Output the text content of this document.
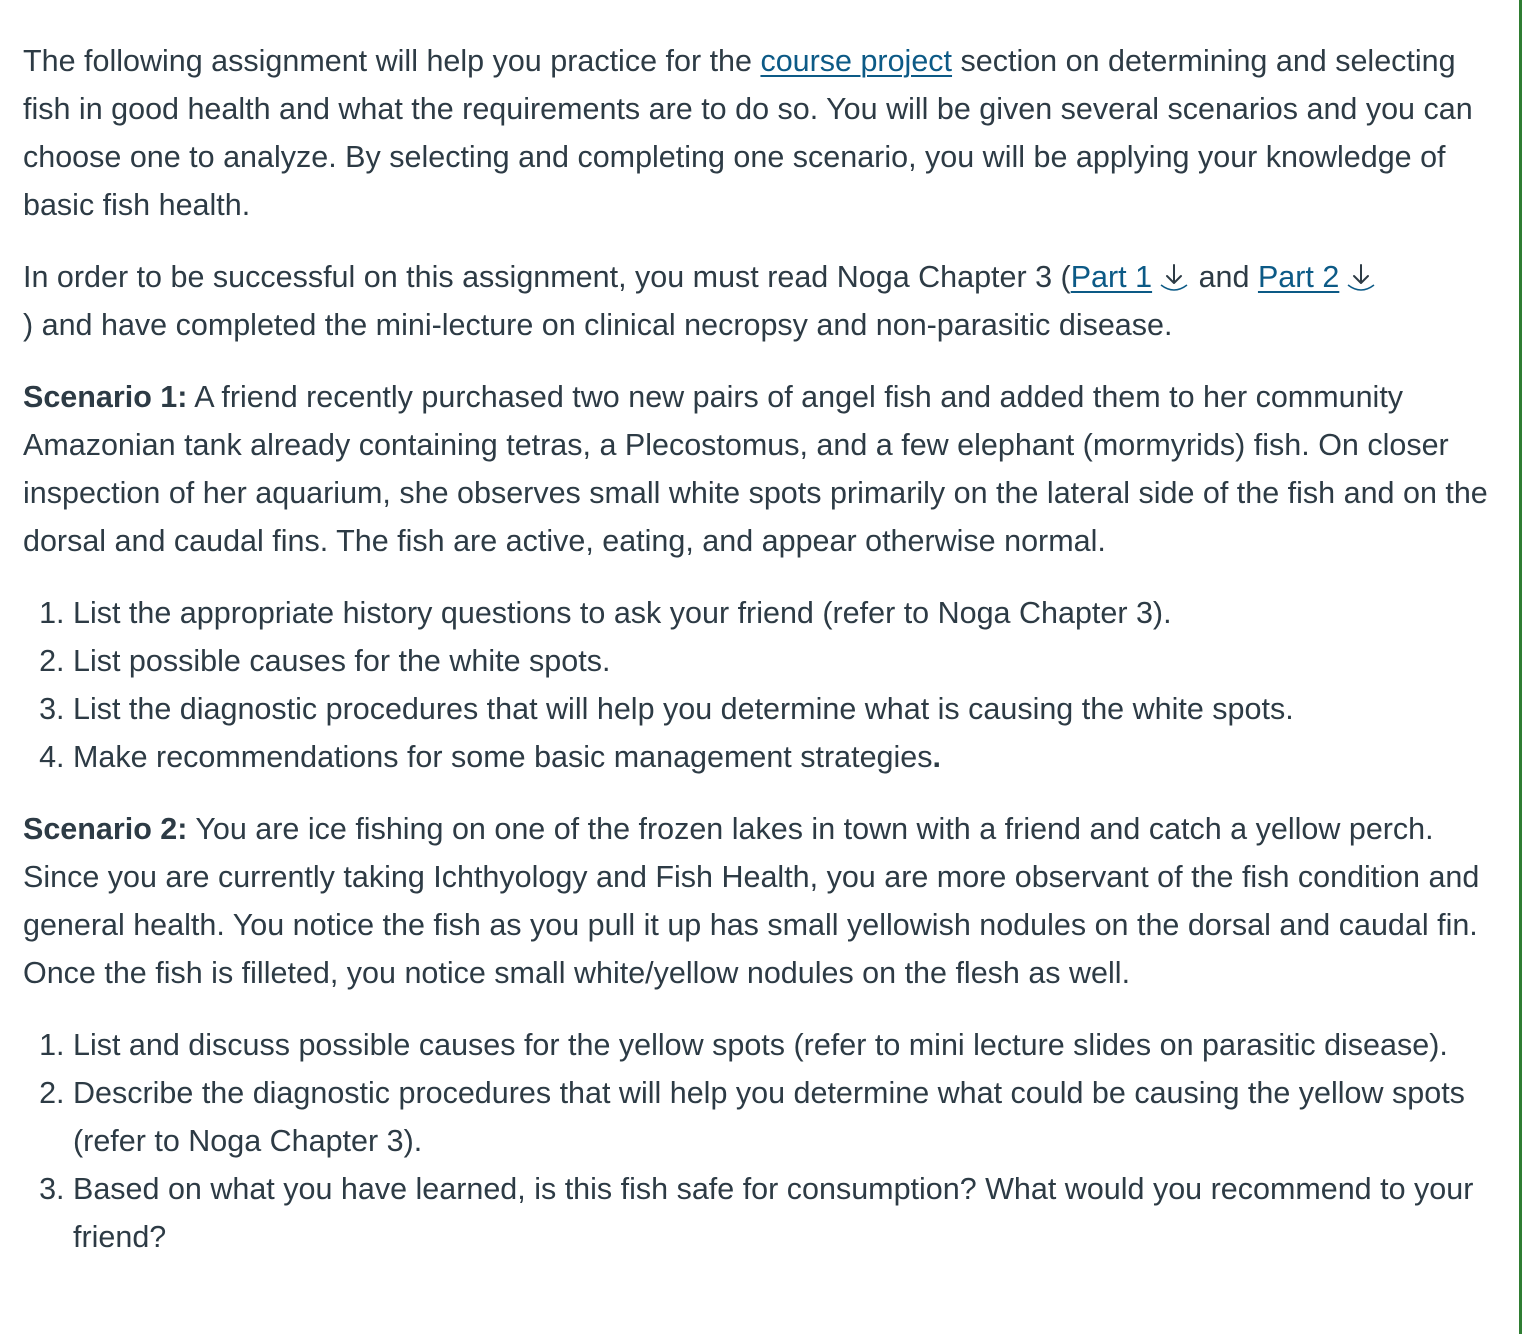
The following assignment will help you practice for the course project section on determining and selecting fish in good health and what the requirements are to do so. You will be given several scenarios and you can choose one to analyze. By selecting and completing one scenario, you will be applying your knowledge of basic fish health.

In order to be successful on this assignment, you must read Noga Chapter 3 (Part 1 and Part 2
) and have completed the mini-lecture on clinical necropsy and non-parasitic disease.

Scenario 1: A friend recently purchased two new pairs of angel fish and added them to her community Amazonian tank already containing tetras, a Plecostomus, and a few elephant (mormyrids) fish. On closer inspection of her aquarium, she observes small white spots primarily on the lateral side of the fish and on the dorsal and caudal fins. The fish are active, eating, and appear otherwise normal.

1. List the appropriate history questions to ask your friend (refer to Noga Chapter 3).
2. List possible causes for the white spots.
3. List the diagnostic procedures that will help you determine what is causing the white spots.
4. Make recommendations for some basic management strategies.

Scenario 2: You are ice fishing on one of the frozen lakes in town with a friend and catch a yellow perch. Since you are currently taking Ichthyology and Fish Health, you are more observant of the fish condition and general health. You notice the fish as you pull it up has small yellowish nodules on the dorsal and caudal fin. Once the fish is filleted, you notice small white/yellow nodules on the flesh as well.

1. List and discuss possible causes for the yellow spots (refer to mini lecture slides on parasitic disease).
2. Describe the diagnostic procedures that will help you determine what could be causing the yellow spots (refer to Noga Chapter 3).
3. Based on what you have learned, is this fish safe for consumption? What would you recommend to your friend?
